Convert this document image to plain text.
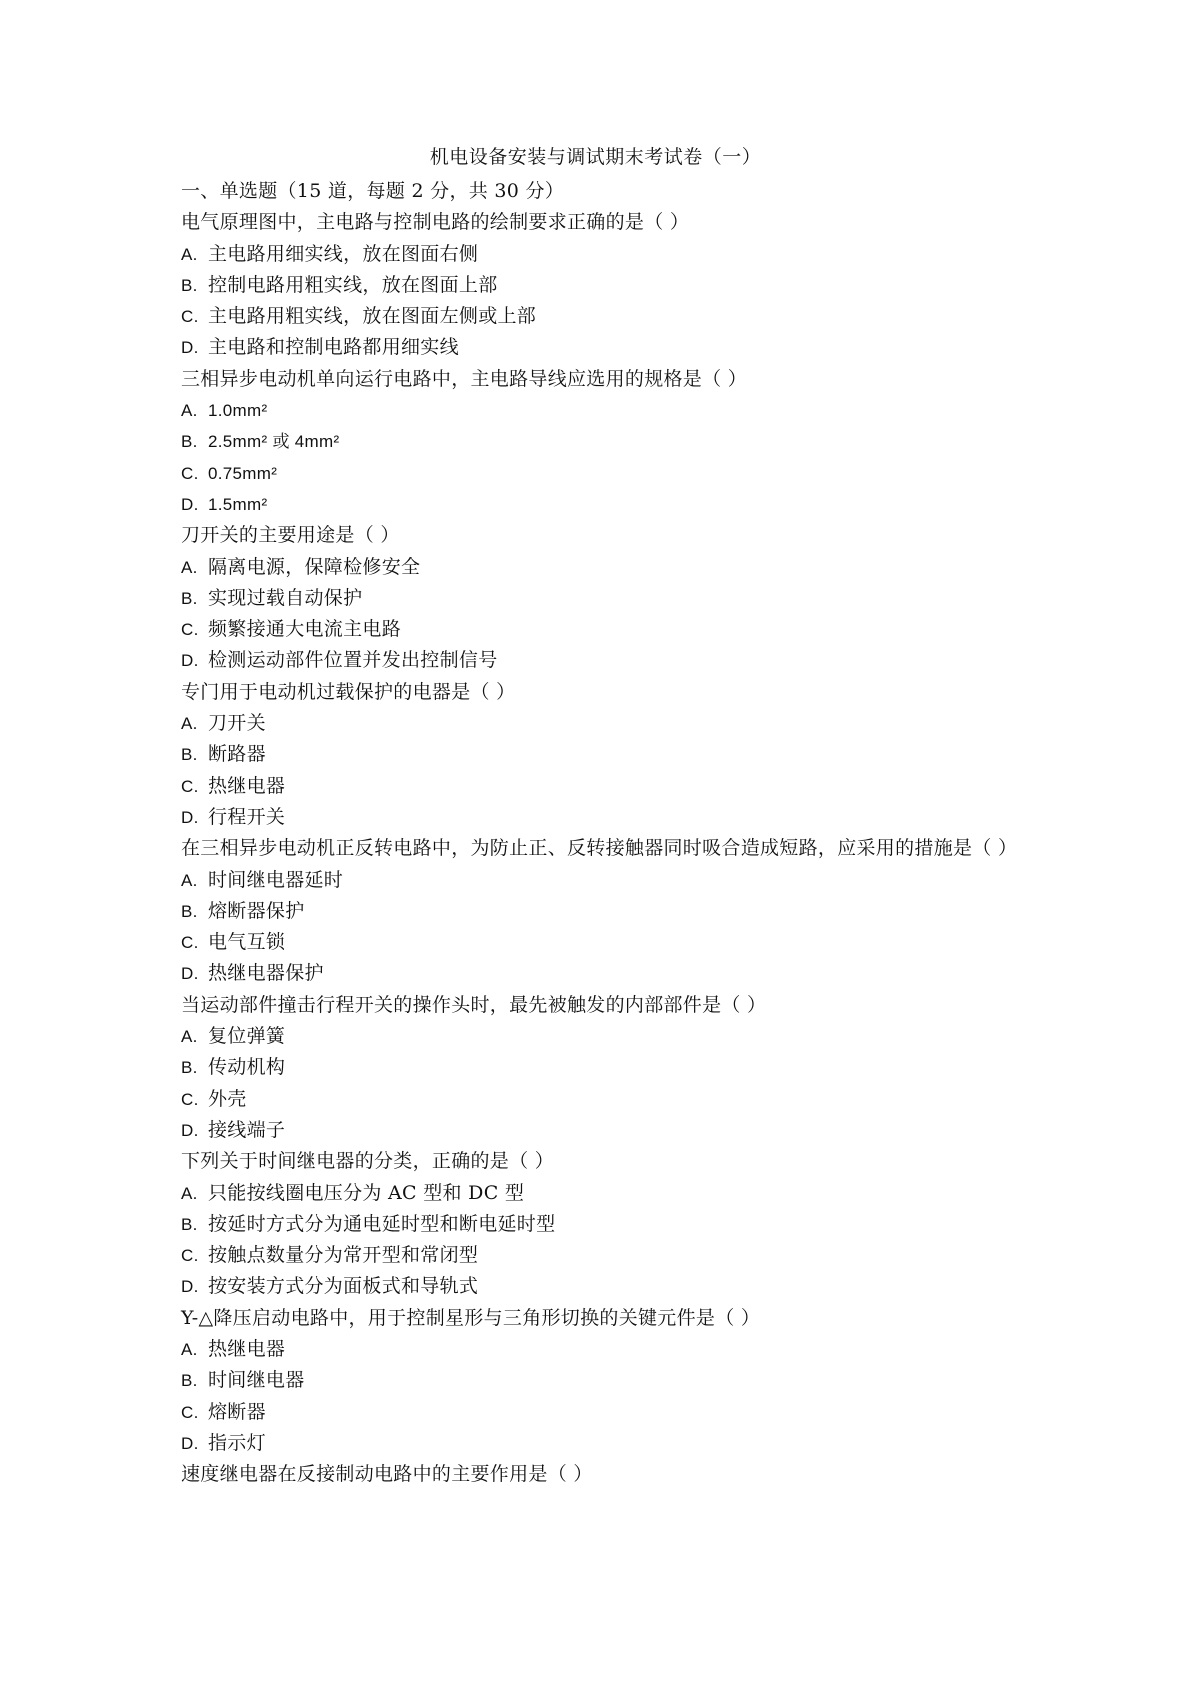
机电设备安装与调试期末考试卷（一）
一、单选题（15 道，每题 2 分，共 30 分）
电气原理图中，主电路与控制电路的绘制要求正确的是（ ）
A. 主电路用细实线，放在图面右侧
B. 控制电路用粗实线，放在图面上部
C. 主电路用粗实线，放在图面左侧或上部
D. 主电路和控制电路都用细实线
三相异步电动机单向运行电路中，主电路导线应选用的规格是（ ）
A. 1.0mm²
B. 2.5mm² 或 4mm²
C. 0.75mm²
D. 1.5mm²
刀开关的主要用途是（ ）
A. 隔离电源，保障检修安全
B. 实现过载自动保护
C. 频繁接通大电流主电路
D. 检测运动部件位置并发出控制信号
专门用于电动机过载保护的电器是（ ）
A. 刀开关
B. 断路器
C. 热继电器
D. 行程开关
在三相异步电动机正反转电路中，为防止正、反转接触器同时吸合造成短路，应采用的措施是（ ）
A. 时间继电器延时
B. 熔断器保护
C. 电气互锁
D. 热继电器保护
当运动部件撞击行程开关的操作头时，最先被触发的内部部件是（ ）
A. 复位弹簧
B. 传动机构
C. 外壳
D. 接线端子
下列关于时间继电器的分类，正确的是（ ）
A. 只能按线圈电压分为 AC 型和 DC 型
B. 按延时方式分为通电延时型和断电延时型
C. 按触点数量分为常开型和常闭型
D. 按安装方式分为面板式和导轨式
Y-△降压启动电路中，用于控制星形与三角形切换的关键元件是（ ）
A. 热继电器
B. 时间继电器
C. 熔断器
D. 指示灯
速度继电器在反接制动电路中的主要作用是（ ）
